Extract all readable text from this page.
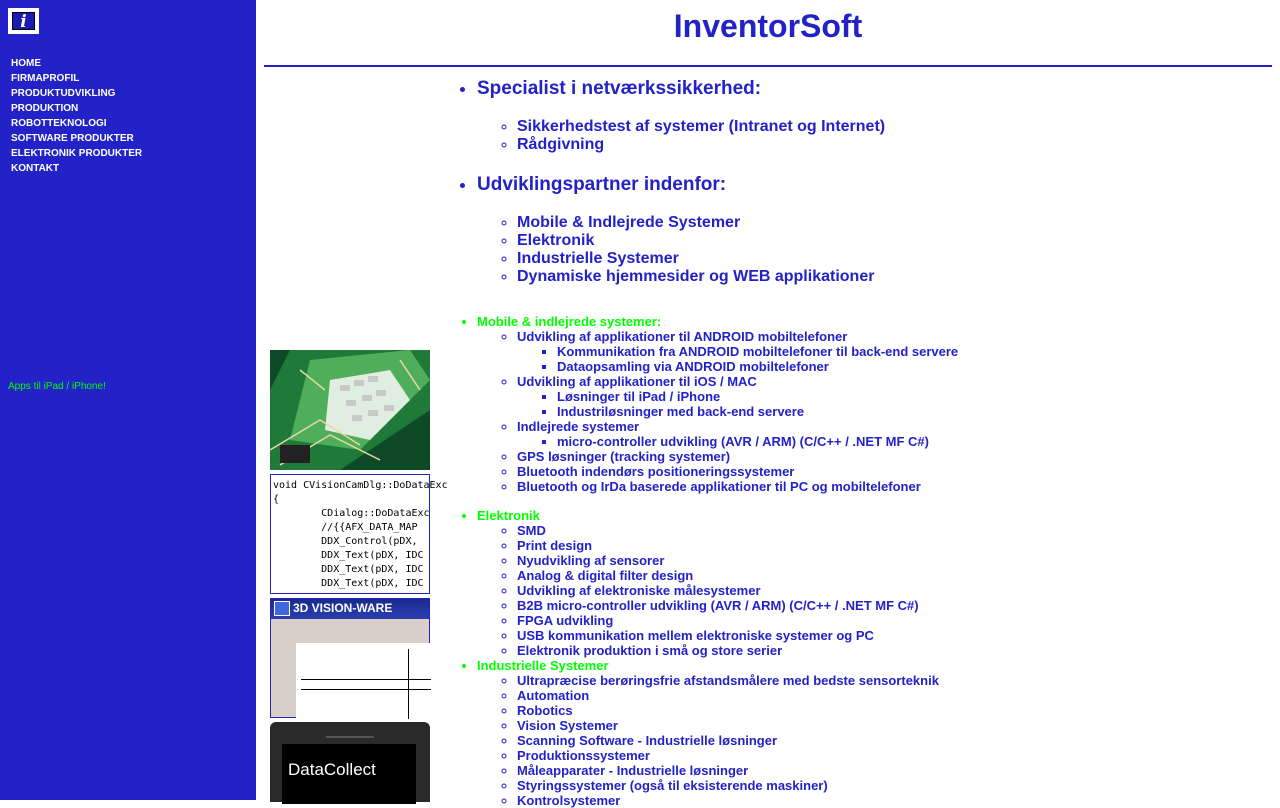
i
HOME
FIRMAPROFIL
PRODUKTUDVIKLING
PRODUKTION
ROBOTTEKNOLOGI
SOFTWARE PRODUKTER
ELEKTRONIK PRODUKTER
KONTAKT
Apps til iPad / iPhone!
InventorSoft
void CVisionCamDlg::DoDataExc
{
CDialog::DoDataExc
//{{AFX_DATA_MAP
DDX_Control(pDX,
DDX_Text(pDX, IDC
DDX_Text(pDX, IDC
DDX_Text(pDX, IDC
3D VISION-WARE
DataCollect
• Specialist i netværkssikkerhed:
◦ Sikkerhedstest af systemer (Intranet og Internet)
◦ Rådgivning
• Udviklingspartner indenfor:
◦ Mobile & Indlejrede Systemer
◦ Elektronik
◦ Industrielle Systemer
◦ Dynamiske hjemmesider og WEB applikationer
• Mobile & indlejrede systemer:
◦ Udvikling af applikationer til ANDROID mobiltelefoner
▪ Kommunikation fra ANDROID mobiltelefoner til back-end servere
▪ Dataopsamling via ANDROID mobiltelefoner
◦ Udvikling af applikationer til iOS / MAC
▪ Løsninger til iPad / iPhone
▪ Industriløsninger med back-end servere
◦ Indlejrede systemer
▪ micro-controller udvikling (AVR / ARM) (C/C++ / .NET MF C#)
◦ GPS løsninger (tracking systemer)
◦ Bluetooth indendørs positioneringssystemer
◦ Bluetooth og IrDa baserede applikationer til PC og mobiltelefoner
• Elektronik
◦ SMD
◦ Print design
◦ Nyudvikling af sensorer
◦ Analog & digital filter design
◦ Udvikling af elektroniske målesystemer
◦ B2B micro-controller udvikling (AVR / ARM) (C/C++ / .NET MF C#)
◦ FPGA udvikling
◦ USB kommunikation mellem elektroniske systemer og PC
◦ Elektronik produktion i små og store serier
• Industrielle Systemer
◦ Ultrapræcise berøringsfrie afstandsmålere med bedste sensorteknik
◦ Automation
◦ Robotics
◦ Vision Systemer
◦ Scanning Software - Industrielle løsninger
◦ Produktionssystemer
◦ Måleapparater - Industrielle løsninger
◦ Styringssystemer (også til eksisterende maskiner)
◦ Kontrolsystemer
